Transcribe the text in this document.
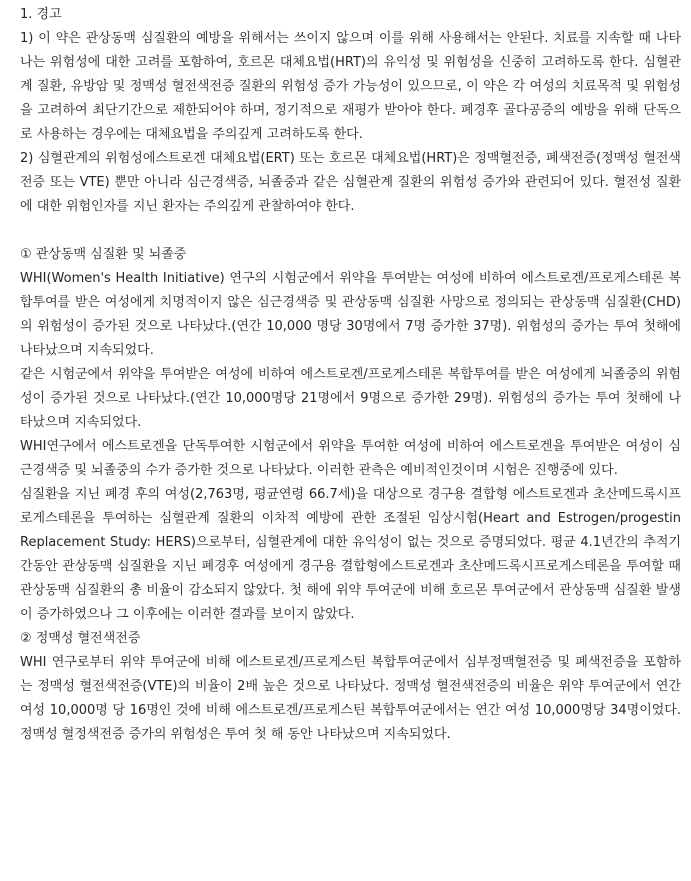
1. 경고

1) 이 약은 관상동맥 심질환의 예방을 위해서는 쓰이지 않으며 이를 위해 사용해서는 안된다. 치료를 지속할 때 나타나는 위험성에 대한 고려를 포함하여, 호르몬 대체요법(HRT)의 유익성 및 위험성을 신중히 고려하도록 한다. 심혈관계 질환, 유방암 및 정맥성 혈전색전증 질환의 위험성 증가 가능성이 있으므로, 이 약은 각 여성의 치료목적 및 위험성을 고려하여 최단기간으로 제한되어야 하며, 정기적으로 재평가 받아야 한다. 폐경후 골다공증의 예방을 위해 단독으로 사용하는 경우에는 대체요법을 주의깊게 고려하도록 한다.

2) 심혈관계의 위험성에스트로겐 대체요법(ERT) 또는 호르몬 대체요법(HRT)은 정맥혈전증, 폐색전증(정맥성 혈전색전증 또는 VTE) 뿐만 아니라 심근경색증, 뇌졸중과 같은 심혈관계 질환의 위험성 증가와 관련되어 있다. 혈전성 질환에 대한 위험인자를 지닌 환자는 주의깊게 관찰하여야 한다.

① 관상동맥 심질환 및 뇌졸중

WHI(Women's Health Initiative) 연구의 시험군에서 위약을 투여받는 여성에 비하여 에스트로겐/프로게스테론 복합투여를 받은 여성에게 치명적이지 않은 심근경색증 및 관상동맥 심질환 사망으로 정의되는 관상동맥 심질환(CHD)의 위험성이 증가된 것으로 나타났다.(연간 10,000 명당 30명에서 7명 증가한 37명). 위험성의 증가는 투여 첫해에 나타났으며 지속되었다.

같은 시험군에서 위약을 투여받은 여성에 비하여 에스트로겐/프로게스테론 복합투여를 받은 여성에게 뇌졸중의 위험성이 증가된 것으로 나타났다.(연간 10,000명당 21명에서 9명으로 증가한 29명). 위험성의 증가는 투여 첫해에 나타났으며 지속되었다.

WHI연구에서 에스트로겐을 단독투여한 시험군에서 위약을 투여한 여성에 비하여 에스트로겐을 투여받은 여성이 심근경색증 및 뇌졸중의 수가 증가한 것으로 나타났다. 이러한 관측은 예비적인것이며 시험은 진행중에 있다.

심질환을 지닌 폐경 후의 여성(2,763명, 평균연령 66.7세)을 대상으로 경구용 결합형 에스트로겐과 초산메드록시프로게스테론을 투여하는 심혈관계 질환의 이차적 예방에 관한 조절된 임상시험(Heart and Estrogen/progestin Replacement Study: HERS)으로부터, 심혈관계에 대한 유익성이 없는 것으로 증명되었다. 평균 4.1년간의 추적기간동안 관상동맥 심질환을 지닌 폐경후 여성에게 경구용 결합형에스트로겐과 초산메드록시프로게스테론을 투여할 때 관상동맥 심질환의 총 비율이 감소되지 않았다. 첫 해에 위약 투여군에 비해 호르몬 투여군에서 관상동맥 심질환 발생이 증가하였으나 그 이후에는 이러한 결과를 보이지 않았다.

② 정맥성 혈전색전증

WHI 연구로부터 위약 투여군에 비해 에스트로겐/프로게스틴 복합투여군에서 심부정맥혈전증 및 폐색전증을 포함하는 정맥성 혈전색전증(VTE)의 비율이 2배 높은 것으로 나타났다. 정맥성 혈전색전증의 비율은 위약 투여군에서 연간 여성 10,000명 당 16명인 것에 비해 에스트로겐/프로게스틴 복합투여군에서는 연간 여성 10,000명당 34명이었다. 정맥성 혈정색전증 증가의 위험성은 투여 첫 해 동안 나타났으며 지속되었다.
